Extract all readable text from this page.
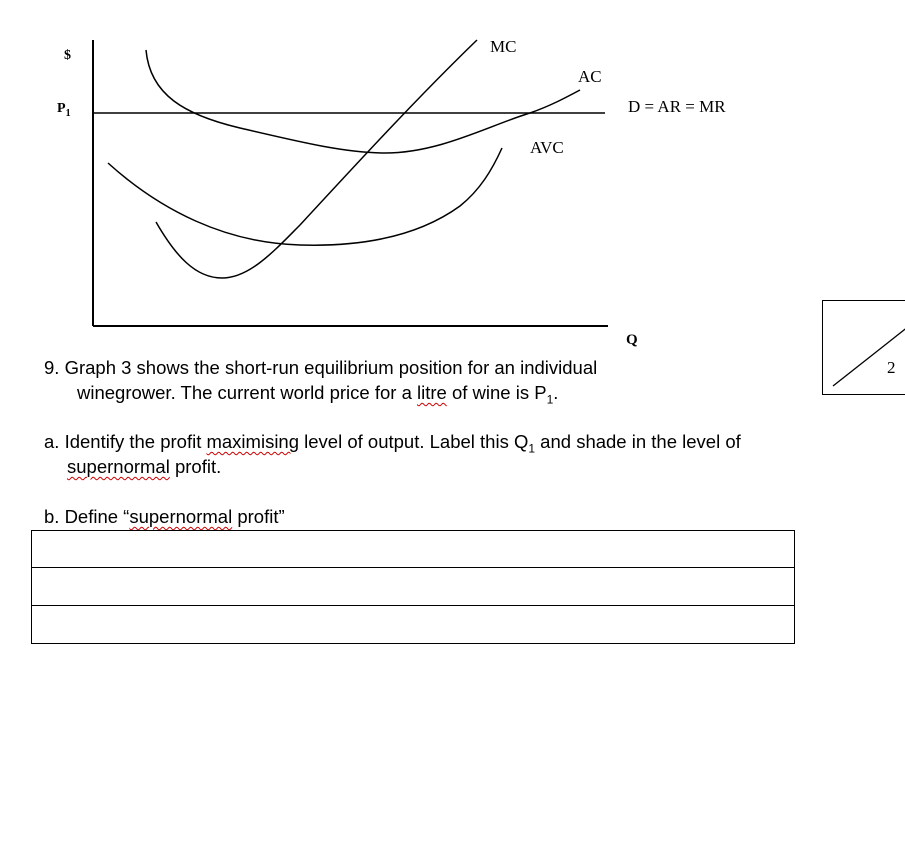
$
$P_1$
MC
AC
D = AR = MR
AVC
Q
2
9. Graph 3 shows the short-run equilibrium position for an individual
winegrower. The current world price for a litre of wine is $P_1$.
a. Identify the profit maximising level of output. Label this $Q_1$ and shade in the level of
supernormal profit.
b. Define “supernormal profit”
